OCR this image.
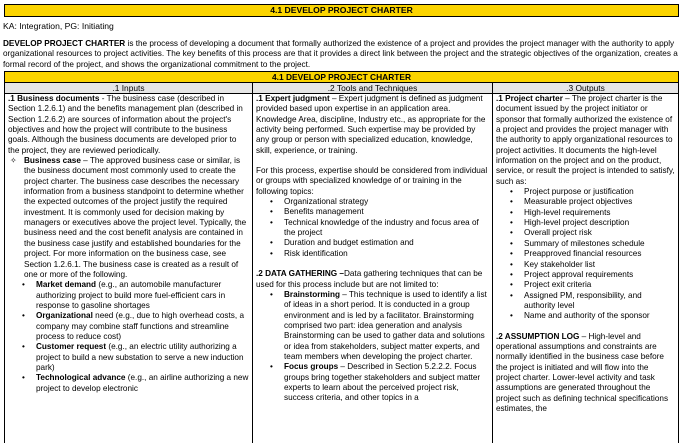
4.1 DEVELOP PROJECT CHARTER
KA: Integration, PG: Initiating

DEVELOP PROJECT CHARTER is the process of developing a document that formally authorized the existence of a project and provides the project manager with the authority to apply organizational resources to project activities. The key benefits of this process are that it provides a direct link between the project and the strategic objectives of the organization, creates a formal record of the project, and shows the organizational commitment to the project.

4.1 DEVELOP PROJECT CHARTER
.1 Inputs	.2 Tools and Techniques	.3 Outputs

.1 Business documents - The business case (described in Section 1.2.6.1) and the benefits management plan (described in Section 1.2.6.2) are sources of information about the project's objectives and how the project will contribute to the business goals. Although the business documents are developed prior to the project, they are reviewed periodically.

✧ Business case – The approved business case or similar, is the business document most commonly used to create the project charter. The business case describes the necessary information from a business standpoint to determine whether the expected outcomes of the project justify the required investment. It is commonly used for decision making by managers or executives above the project level. Typically, the business need and the cost benefit analysis are contained in the business case justify and established boundaries for the project. For more information on the business case, see Section 1.2.6.1. The business case is created as a result of one or more of the following.
• Market demand (e.g., an automobile manufacturer authorizing project to build more fuel-efficient cars in response to gasoline shortages
• Organizational need (e.g., due to high overhead costs, a company may combine staff functions and streamline process to reduce cost)
• Customer request (e.g., an electric utility authorizing a project to build a new substation to serve a new induction park)
• Technological advance (e.g., an airline authorizing a new project to develop electronic

.1 Expert judgment – Expert judgment is defined as judgment provided based upon expertise in an application area. Knowledge Area, discipline, Industry etc., as appropriate for the activity being performed. Such expertise may be provided by any group or person with specialized education, knowledge, skill, experience, or training.

For this process, expertise should be considered from individual or groups with specialized knowledge of or training in the following topics:

• Organizational strategy
• Benefits management
• Technical knowledge of the industry and focus area of the project
• Duration and budget estimation and
• Risk identification

.2 DATA GATHERING –Data gathering techniques that can be used for this process include but are not limited to:

• Brainstorming – This technique is used to identify a list of ideas in a short period. It is conducted in a group environment and is led by a facilitator. Brainstorming comprised two part: idea generation and analysis Brainstorming can be used to gather data and solutions or idea from stakeholders, subject matter experts, and team members when developing the project charter.
• Focus groups – Described in Section 5.2.2.2. Focus groups bring together stakeholders and subject matter experts to learn about the perceived project risk, success criteria, and other topics in a

.1 Project charter – The project charter is the document issued by the project initiator or sponsor that formally authorized the existence of a project and provides the project manager with the authority to apply organizational resources to project activities. It documents the high-level information on the project and on the product, service, or result the project is intended to satisfy, such as:

• Project purpose or justification
• Measurable project objectives
• High-level requirements
• High-level project description
• Overall project risk
• Summary of milestones schedule
• Preapproved financial resources
• Key stakeholder list
• Project approval requirements
• Project exit criteria
• Assigned PM, responsibility, and authority level
• Name and authority of the sponsor

.2 ASSUMPTION LOG – High-level and operational assumptions and constraints are normally identified in the business case before the project is initiated and will flow into the project charter. Lower-level activity and task assumptions are generated throughout the project such as defining technical specifications estimates, the
